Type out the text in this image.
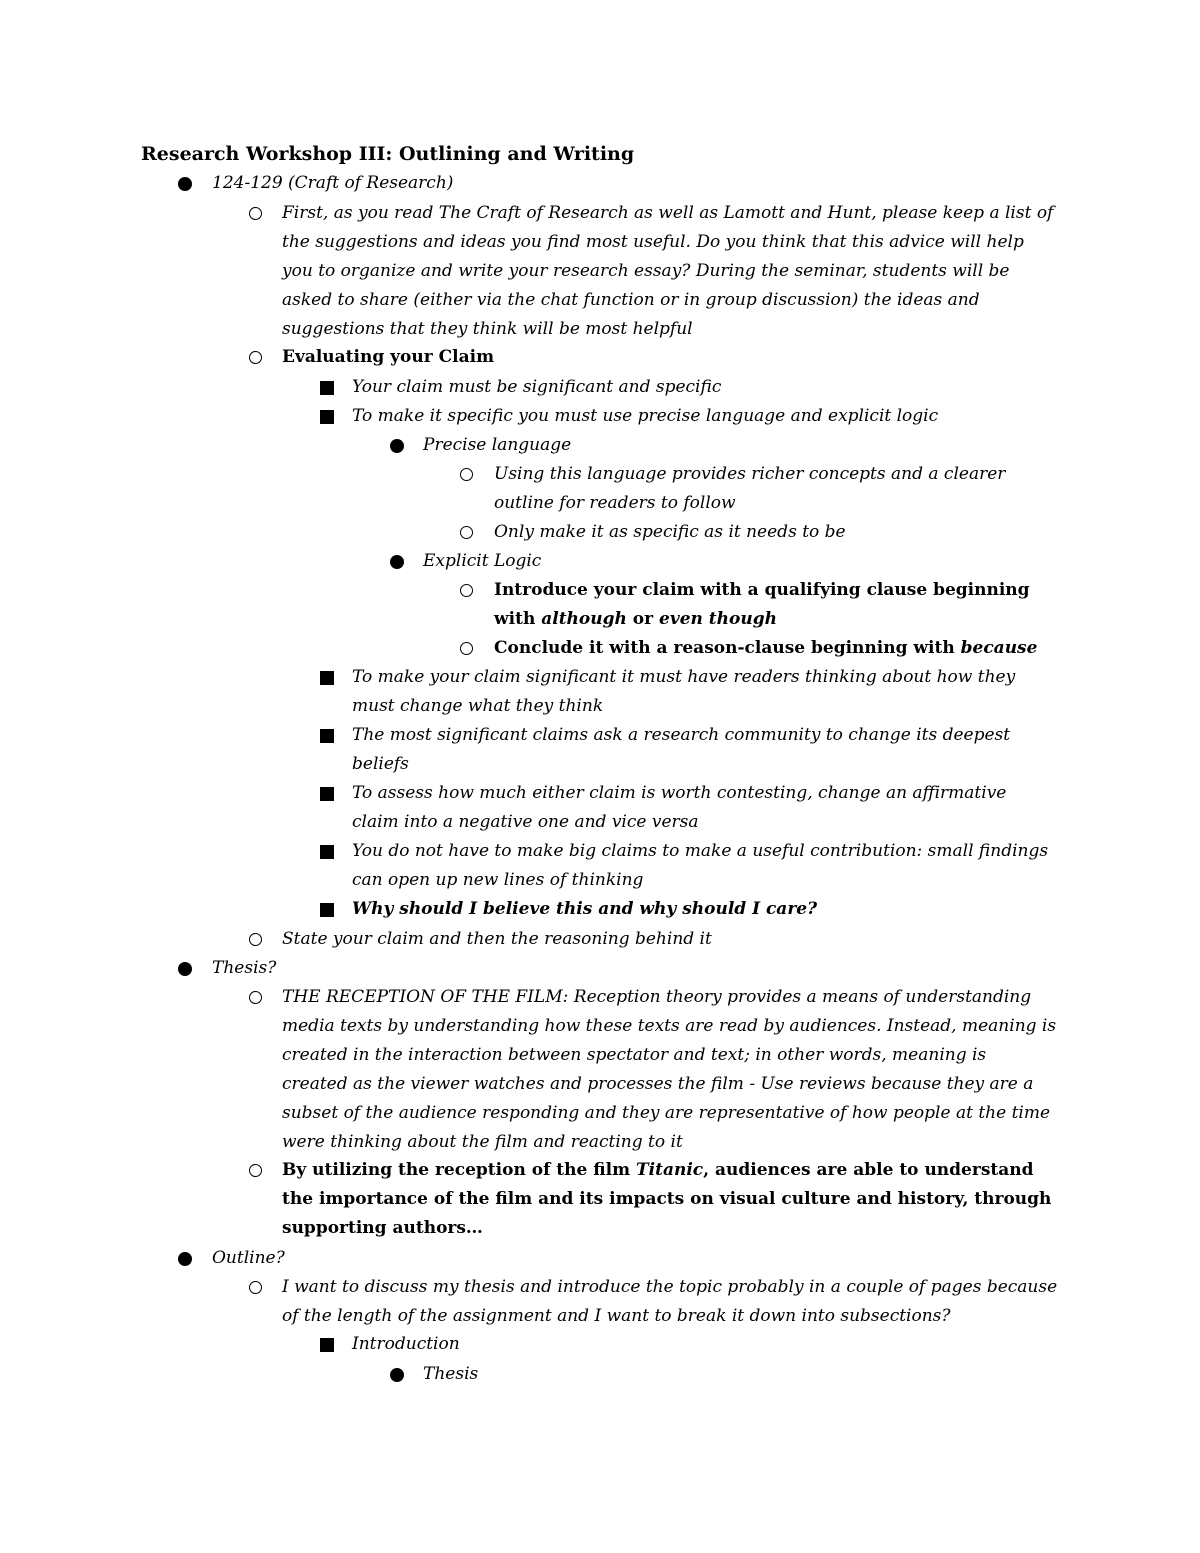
Research Workshop III: Outlining and Writing
124-129 (Craft of Research)
First, as you read The Craft of Research as well as Lamott and Hunt, please keep a list of the suggestions and ideas you find most useful. Do you think that this advice will help you to organize and write your research essay? During the seminar, students will be asked to share (either via the chat function or in group discussion) the ideas and suggestions that they think will be most helpful
Evaluating your Claim
Your claim must be significant and specific
To make it specific you must use precise language and explicit logic
Precise language
Using this language provides richer concepts and a clearer outline for readers to follow
Only make it as specific as it needs to be
Explicit Logic
Introduce your claim with a qualifying clause beginning with although or even though
Conclude it with a reason-clause beginning with because
To make your claim significant it must have readers thinking about how they must change what they think
The most significant claims ask a research community to change its deepest beliefs
To assess how much either claim is worth contesting, change an affirmative claim into a negative one and vice versa
You do not have to make big claims to make a useful contribution: small findings can open up new lines of thinking
Why should I believe this and why should I care?
State your claim and then the reasoning behind it
Thesis?
THE RECEPTION OF THE FILM: Reception theory provides a means of understanding media texts by understanding how these texts are read by audiences. Instead, meaning is created in the interaction between spectator and text; in other words, meaning is created as the viewer watches and processes the film - Use reviews because they are a subset of the audience responding and they are representative of how people at the time were thinking about the film and reacting to it
By utilizing the reception of the film Titanic, audiences are able to understand the importance of the film and its impacts on visual culture and history, through supporting authors…
Outline?
I want to discuss my thesis and introduce the topic probably in a couple of pages because of the length of the assignment and I want to break it down into subsections?
Introduction
Thesis
